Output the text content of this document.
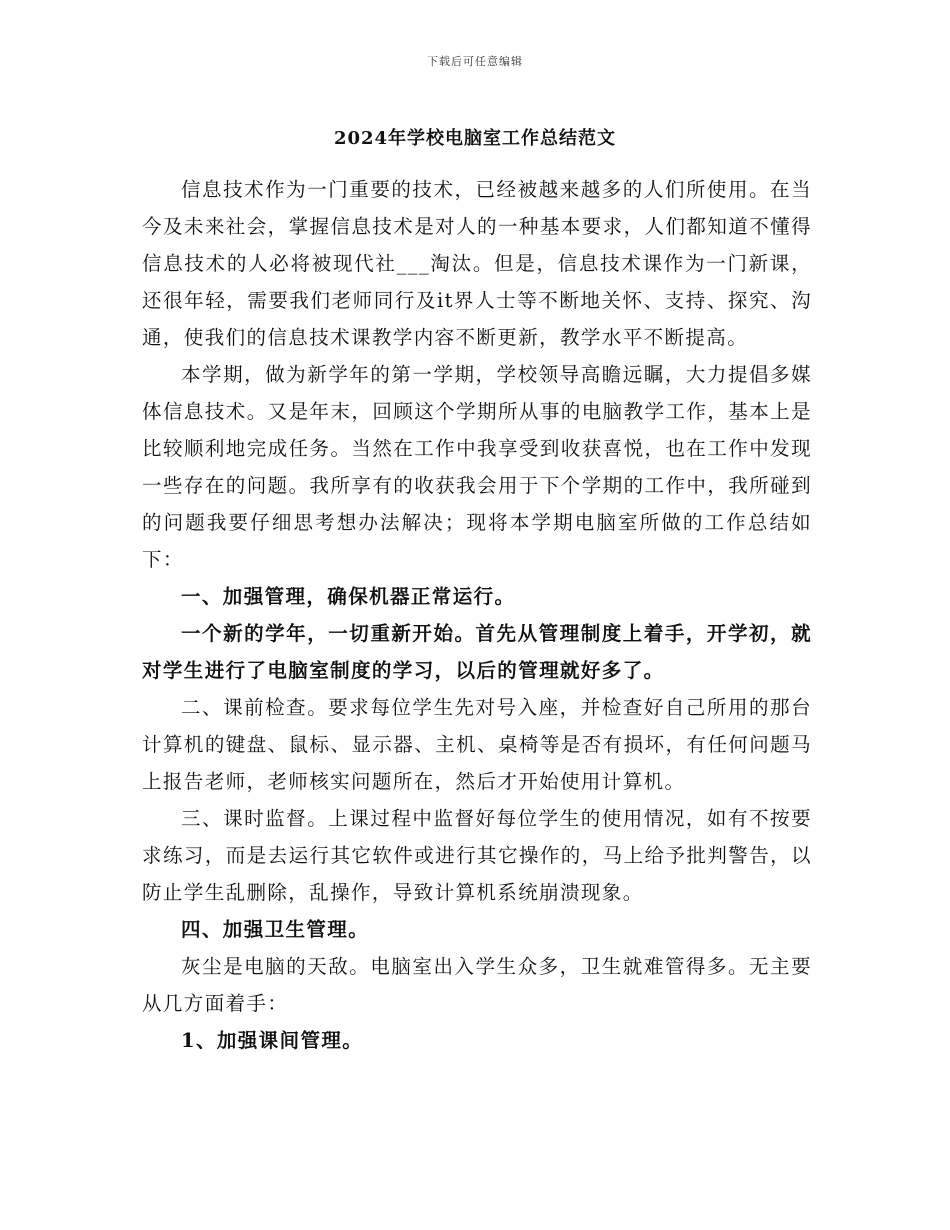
下载后可任意编辑
2024年学校电脑室工作总结范文

信息技术作为一门重要的技术，已经被越来越多的人们所使用。在当今及未来社会，掌握信息技术是对人的一种基本要求，人们都知道不懂得信息技术的人必将被现代社___淘汰。但是，信息技术课作为一门新课，还很年轻，需要我们老师同行及it界人士等不断地关怀、支持、探究、沟通，使我们的信息技术课教学内容不断更新，教学水平不断提高。

本学期，做为新学年的第一学期，学校领导高瞻远瞩，大力提倡多媒体信息技术。又是年末，回顾这个学期所从事的电脑教学工作，基本上是比较顺利地完成任务。当然在工作中我享受到收获喜悦，也在工作中发现一些存在的问题。我所享有的收获我会用于下个学期的工作中，我所碰到的问题我要仔细思考想办法解决；现将本学期电脑室所做的工作总结如下：

一、加强管理，确保机器正常运行。

一个新的学年，一切重新开始。首先从管理制度上着手，开学初，就对学生进行了电脑室制度的学习，以后的管理就好多了。

二、课前检查。要求每位学生先对号入座，并检查好自己所用的那台计算机的键盘、鼠标、显示器、主机、桌椅等是否有损坏，有任何问题马上报告老师，老师核实问题所在，然后才开始使用计算机。

三、课时监督。上课过程中监督好每位学生的使用情况，如有不按要求练习，而是去运行其它软件或进行其它操作的，马上给予批判警告，以防止学生乱删除，乱操作，导致计算机系统崩溃现象。

四、加强卫生管理。

灰尘是电脑的天敌。电脑室出入学生众多，卫生就难管得多。无主要从几方面着手：

1、加强课间管理。
